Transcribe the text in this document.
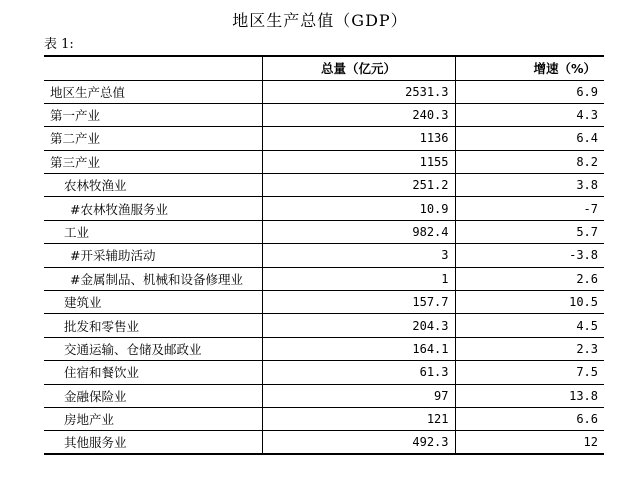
地区生产总值（GDP）
表 1:
	总量（亿元）	增速（%）
地区生产总值	2531.3	6.9
第一产业	240.3	4.3
第二产业	1136	6.4
第三产业	1155	8.2
农林牧渔业	251.2	3.8
#农林牧渔服务业	10.9	-7
工业	982.4	5.7
#开采辅助活动	3	-3.8
#金属制品、机械和设备修理业	1	2.6
建筑业	157.7	10.5
批发和零售业	204.3	4.5
交通运输、仓储及邮政业	164.1	2.3
住宿和餐饮业	61.3	7.5
金融保险业	97	13.8
房地产业	121	6.6
其他服务业	492.3	12
